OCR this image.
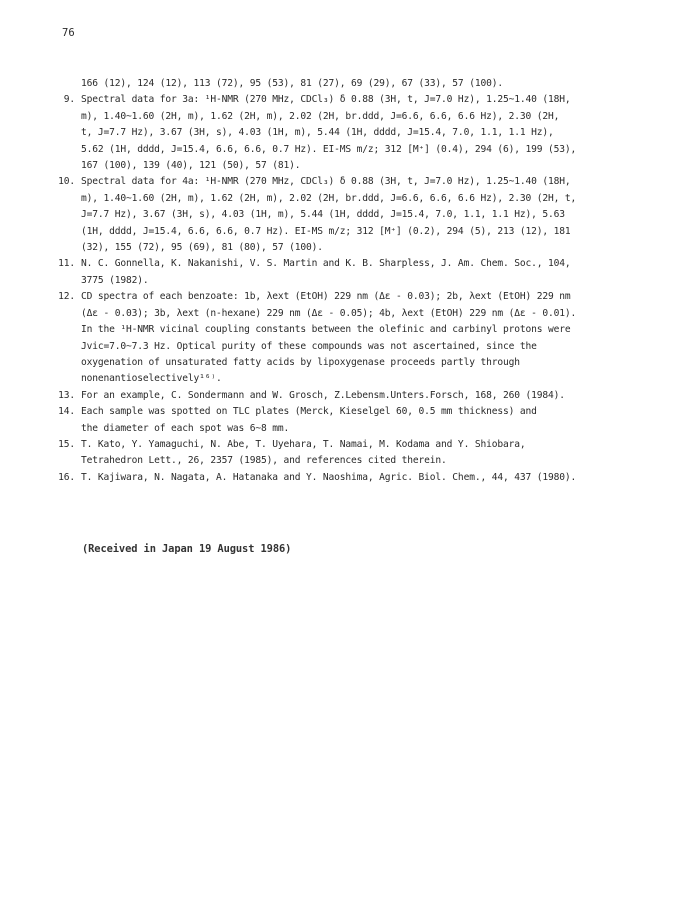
76
166 (12), 124 (12), 113 (72), 95 (53), 81 (27), 69 (29), 67 (33), 57 (100).
9. Spectral data for 3a: ¹H-NMR (270 MHz, CDCl₃) δ 0.88 (3H, t, J=7.0 Hz), 1.25~1.40 (18H,
m), 1.40~1.60 (2H, m), 1.62 (2H, m), 2.02 (2H, br.ddd, J=6.6, 6.6, 6.6 Hz), 2.30 (2H,
t, J=7.7 Hz), 3.67 (3H, s), 4.03 (1H, m), 5.44 (1H, dddd, J=15.4, 7.0, 1.1, 1.1 Hz),
5.62 (1H, dddd, J=15.4, 6.6, 6.6, 0.7 Hz). EI-MS m/z; 312 [M⁺] (0.4), 294 (6), 199 (53),
167 (100), 139 (40), 121 (50), 57 (81).
10. Spectral data for 4a: ¹H-NMR (270 MHz, CDCl₃) δ 0.88 (3H, t, J=7.0 Hz), 1.25~1.40 (18H,
m), 1.40~1.60 (2H, m), 1.62 (2H, m), 2.02 (2H, br.ddd, J=6.6, 6.6, 6.6 Hz), 2.30 (2H, t,
J=7.7 Hz), 3.67 (3H, s), 4.03 (1H, m), 5.44 (1H, dddd, J=15.4, 7.0, 1.1, 1.1 Hz), 5.63
(1H, dddd, J=15.4, 6.6, 6.6, 0.7 Hz). EI-MS m/z; 312 [M⁺] (0.2), 294 (5), 213 (12), 181
(32), 155 (72), 95 (69), 81 (80), 57 (100).
11. N. C. Gonnella, K. Nakanishi, V. S. Martin and K. B. Sharpless, J. Am. Chem. Soc., 104,
3775 (1982).
12. CD spectra of each benzoate: 1b, λext (EtOH) 229 nm (Δε - 0.03); 2b, λext (EtOH) 229 nm
(Δε - 0.03); 3b, λext (n-hexane) 229 nm (Δε - 0.05); 4b, λext (EtOH) 229 nm (Δε - 0.01).
In the ¹H-NMR vicinal coupling constants between the olefinic and carbinyl protons were
Jvic=7.0~7.3 Hz. Optical purity of these compounds was not ascertained, since the
oxygenation of unsaturated fatty acids by lipoxygenase proceeds partly through
nonenantioselectively¹⁶⁾.
13. For an example, C. Sondermann and W. Grosch, Z.Lebensm.Unters.Forsch, 168, 260 (1984).
14. Each sample was spotted on TLC plates (Merck, Kieselgel 60, 0.5 mm thickness) and
the diameter of each spot was 6~8 mm.
15. T. Kato, Y. Yamaguchi, N. Abe, T. Uyehara, T. Namai, M. Kodama and Y. Shiobara,
Tetrahedron Lett., 26, 2357 (1985), and references cited therein.
16. T. Kajiwara, N. Nagata, A. Hatanaka and Y. Naoshima, Agric. Biol. Chem., 44, 437 (1980).
(Received in Japan 19 August 1986)
